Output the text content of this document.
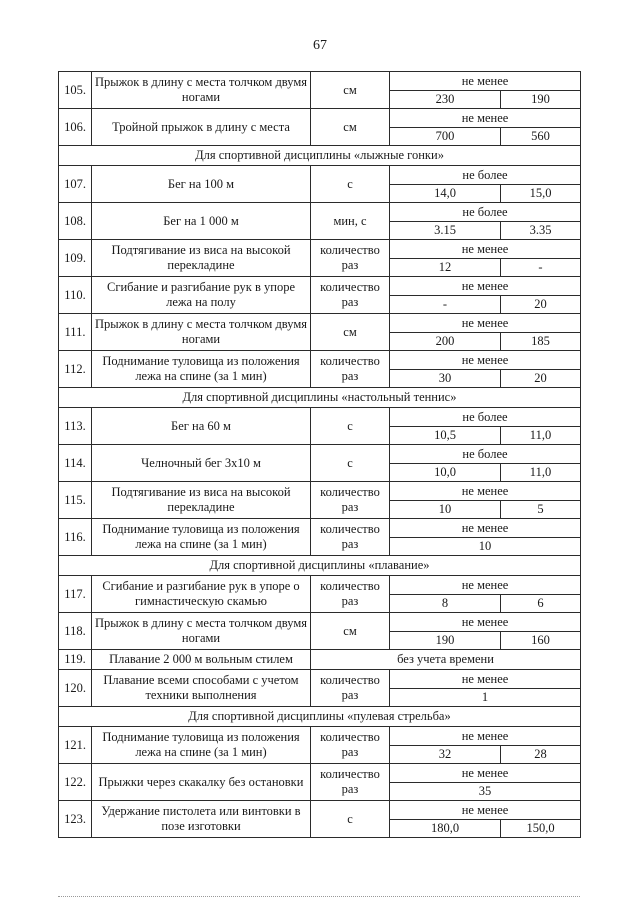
67
105.	Прыжок в длину с места толчком двумя ногами	см	не менее	
			230	190
106.	Тройной прыжок в длину с места	см	не менее	
			700	560
Для спортивной дисциплины «лыжные гонки»				
107.	Бег на 100 м	с	не более	
			14,0	15,0
108.	Бег на 1 000 м	мин, с	не более	
			3.15	3.35
109.	Подтягивание из виса на высокой перекладине	количество раз	не менее	
			12	-
110.	Сгибание и разгибание рук в упоре лежа на полу	количество раз	не менее	
			-	20
111.	Прыжок в длину с места толчком двумя ногами	см	не менее	
			200	185
112.	Поднимание туловища из положения лежа на спине (за 1 мин)	количество раз	не менее	
			30	20
Для спортивной дисциплины «настольный теннис»				
113.	Бег на 60 м	с	не более	
			10,5	11,0
114.	Челночный бег 3х10 м	с	не более	
			10,0	11,0
115.	Подтягивание из виса на высокой перекладине	количество раз	не менее	
			10	5
116.	Поднимание туловища из положения лежа на спине (за 1 мин)	количество раз	не менее	
			10	
Для спортивной дисциплины «плавание»				
117.	Сгибание и разгибание рук в упоре о гимнастическую скамью	количество раз	не менее	
			8	6
118.	Прыжок в длину с места толчком двумя ногами	см	не менее	
			190	160
119.	Плавание 2 000 м вольным стилем	без учета времени		
120.	Плавание всеми способами с учетом техники выполнения	количество раз	не менее	
			1	
Для спортивной дисциплины «пулевая стрельба»				
121.	Поднимание туловища из положения лежа на спине (за 1 мин)	количество раз	не менее	
			32	28
122.	Прыжки через скакалку без остановки	количество раз	не менее	
			35	
123.	Удержание пистолета или винтовки в позе изготовки	с	не менее	
			180,0	150,0
